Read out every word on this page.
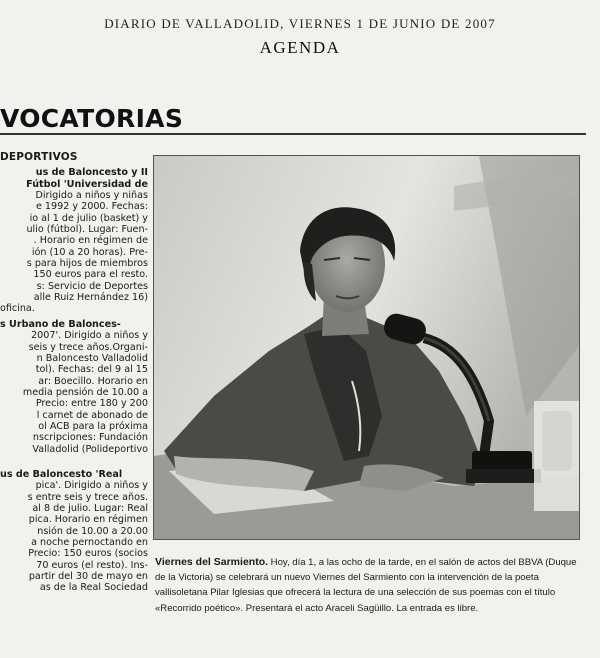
DIARIO DE VALLADOLID, VIERNES 1 DE JUNIO DE 2007
AGENDA
VOCATORIAS
DEPORTIVOS

us de Baloncesto y II
Fútbol 'Universidad de
Dirigido a niños y niñas
e 1992 y 2000. Fechas:
io al 1 de julio (basket) y
ulio (fútbol). Lugar: Fuen-
. Horario en régimen de
ión (10 a 20 horas). Pre-
s para hijos de miembros
150 euros para el resto.
s: Servicio de Deportes
alle Ruiz Hernández 16)
oficina.

s Urbano de Balonces-
2007'. Dirigido a niños y
seis y trece años.Organi-
n Baloncesto Valladolid
tol). Fechas: del 9 al 15
ar: Boecillo. Horario en
media pensión de 10.00 a
Precio: entre 180 y 200
l carnet de abonado de
ol ACB para la próxima
nscripciones: Fundación
Valladolid (Polideportivo

us de Baloncesto 'Real
pica'. Dirigido a niños y
s entre seis y trece años.
al 8 de julio. Lugar: Real
pica. Horario en régimen
nsión de 10.00 a 20.00
a noche pernoctando en
Precio: 150 euros (socios
70 euros (el resto). Ins-
partir del 30 de mayo en
as de la Real Sociedad

Viernes del Sarmiento. Hoy, día 1, a las ocho de la tarde, en el salón de actos del BBVA (Duque de la Victoria) se celebrará un nuevo Viernes del Sarmiento con la intervención de la poeta vallisoletana Pilar Iglesias que ofrecerá la lectura de una selección de sus poemas con el título «Recorrido poético». Presentará el acto Araceli Sagüillo. La entrada es libre.
